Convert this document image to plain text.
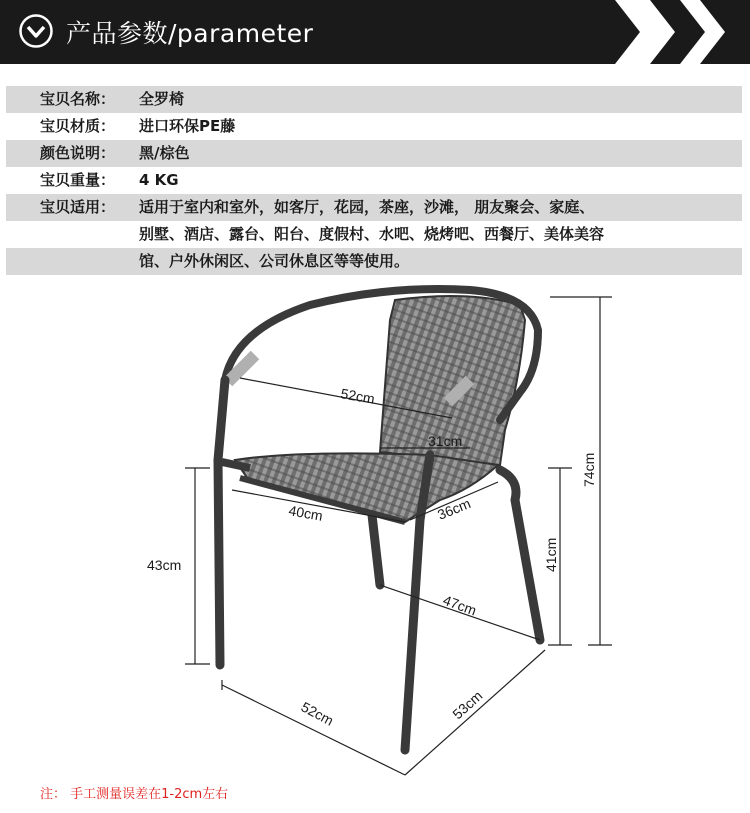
产品参数/parameter
宝贝名称： 全罗椅
宝贝材质： 进口环保PE藤
颜色说明： 黑/棕色
宝贝重量： 4 KG
宝贝适用： 适用于室内和室外，如客厅，花园，茶座，沙滩， 朋友聚会、家庭、
别墅、酒店、露台、阳台、度假村、水吧、烧烤吧、西餐厅、美体美容
馆、户外休闲区、公司休息区等等使用。
52cm
31cm
40cm	36cm
43cm	41cm
74cm
47cm
52cm	53cm
注： 手工测量误差在1-2cm左右
